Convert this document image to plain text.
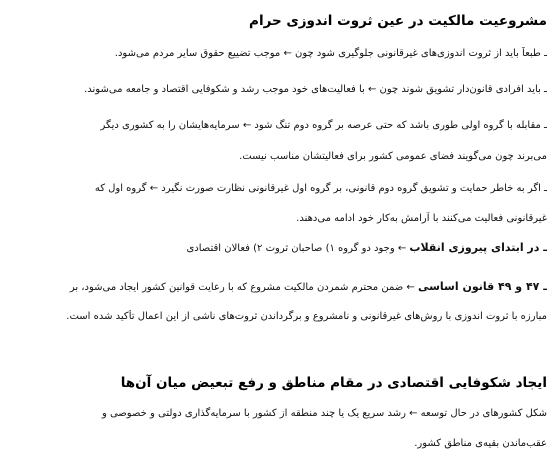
مشروعیت مالکیت در عین ثروت اندوزی حرام
ـ طبعاً باید از ثروت اندوزی‌های غیرقانونی جلوگیری شود چون ← موجب تضییع حقوق سایر مردم می‌شود.
ـ باید افرادی قانون‌دار تشویق شوند چون ← با فعالیت‌های خود موجب رشد و شکوفایی اقتصاد و جامعه می‌شوند.
ـ مقابله با گروه اولی طوری باشد که حتی عرصه بر گروه دوم تنگ شود ← سرمایه‌هایشان را به کشوری دیگر
می‌برند چون می‌گویند فضای عمومی کشور برای فعالیتشان مناسب نیست.
ـ اگر به خاطر حمایت و تشویق گروه دوم قانونی، بر گروه اول غیرقانونی نظارت صورت نگیرد ← گروه اول که
غیرقانونی فعالیت می‌کنند با آرامش به‌کار خود ادامه می‌دهند.
ـ در ابتدای پیروزی انقلاب ← وجود دو گروه ۱) صاحبان ثروت ۲) فعالان اقتصادی
ـ ۴۷ و ۴۹ قانون اساسی ← ضمن محترم شمردن مالکیت مشروع که با رعایت قوانین کشور ایجاد می‌شود، بر
مبارزه با ثروت اندوزی با روش‌های غیرقانونی و نامشروع و برگرداندن ثروت‌های ناشی از این اعمال تأکید شده است.
ایجاد شکوفایی اقتصادی در مقام مناطق و رفع تبعیض میان آن‌ها
شکل کشورهای در حال توسعه ← رشد سریع یک یا چند منطقه از کشور با سرمایه‌گذاری دولتی و خصوصی و
عقب‌ماندن بقیه‌ی مناطق کشور.
